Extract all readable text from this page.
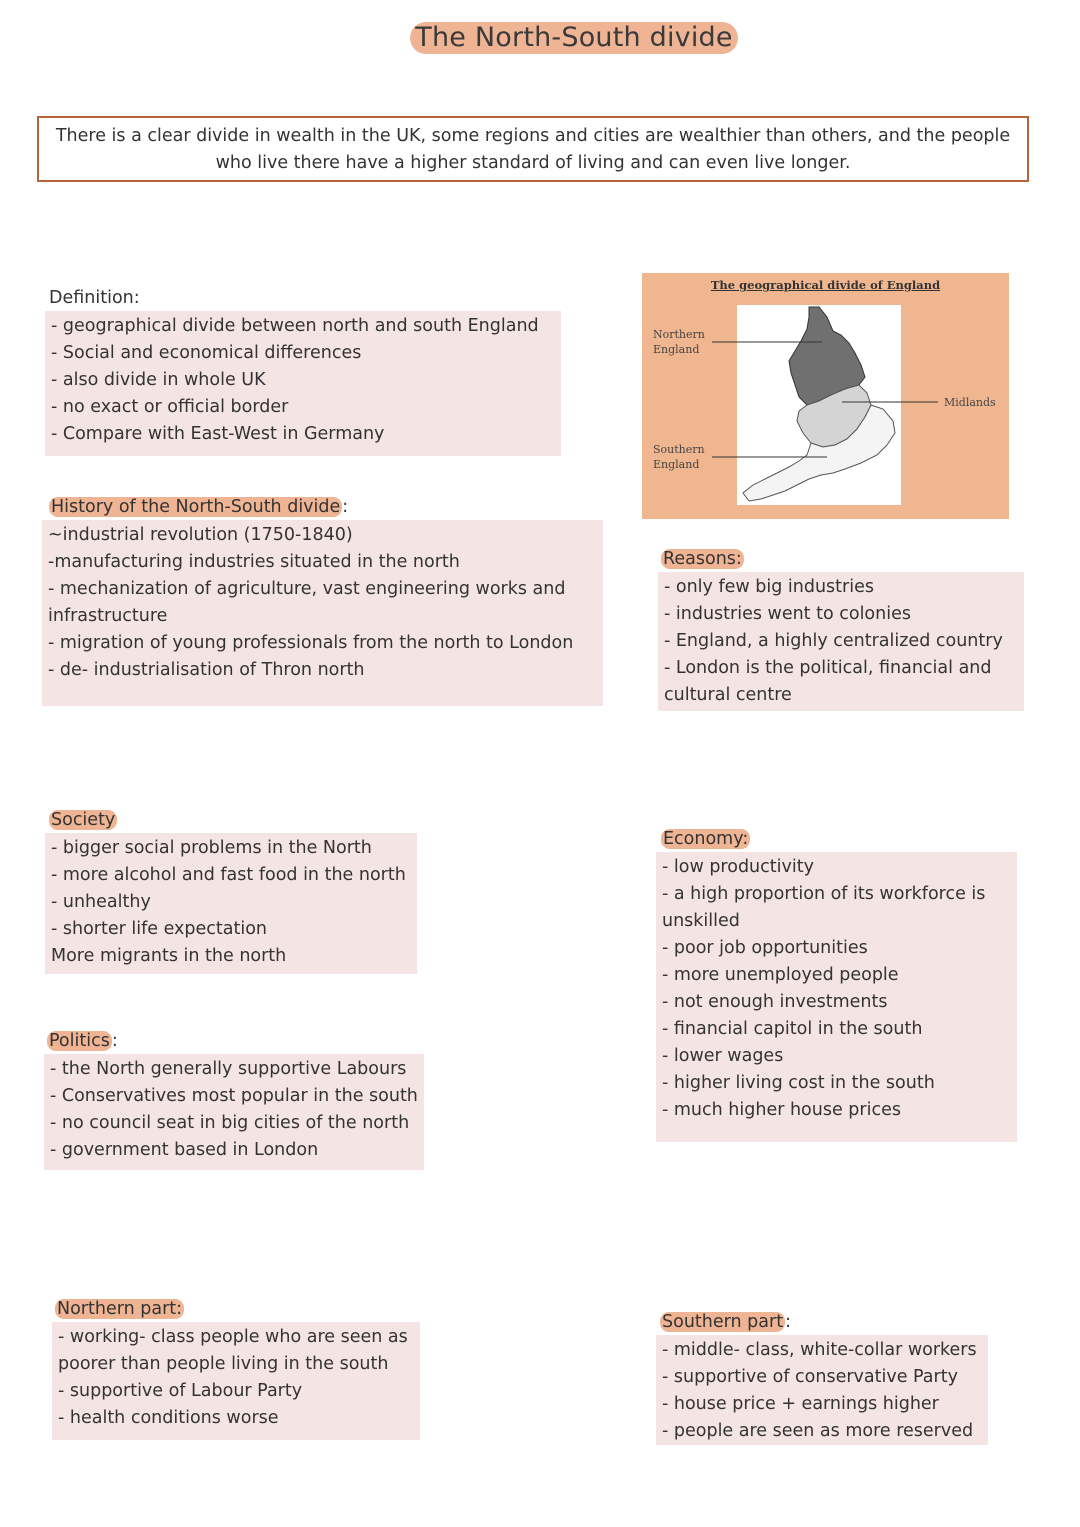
The North-South divide
There is a clear divide in wealth in the UK, some regions and cities are wealthier than others, and the people
who live there have a higher standard of living and can even live longer.
Definition:
- geographical divide between north and south England
- Social and economical differences
- also divide in whole UK
- no exact or official border
- Compare with East-West in Germany
History of the North-South divide :
~industrial revolution (1750-1840)
-manufacturing industries situated in the north
- mechanization of agriculture, vast engineering works and
infrastructure
- migration of young professionals from the north to London
- de- industrialisation of Thron north
The geographical divide of England
Northern
England
Southern
England
Midlands
Reasons:
- only few big industries
- industries went to colonies
- England, a highly centralized country
- London is the political, financial and
cultural centre
Society
- bigger social problems in the North
- more alcohol and fast food in the north
- unhealthy
- shorter life expectation
More migrants in the north
Economy:
- low productivity
- a high proportion of its workforce is
unskilled
- poor job opportunities
- more unemployed people
- not enough investments
- financial capitol in the south
- lower wages
- higher living cost in the south
- much higher house prices
Politics :
- the North generally supportive Labours
- Conservatives most popular in the south
- no council seat in big cities of the north
- government based in London
Northern part:
- working- class people who are seen as
poorer than people living in the south
- supportive of Labour Party
- health conditions worse
Southern part :
- middle- class, white-collar workers
- supportive of conservative Party
- house price + earnings higher
- people are seen as more reserved
